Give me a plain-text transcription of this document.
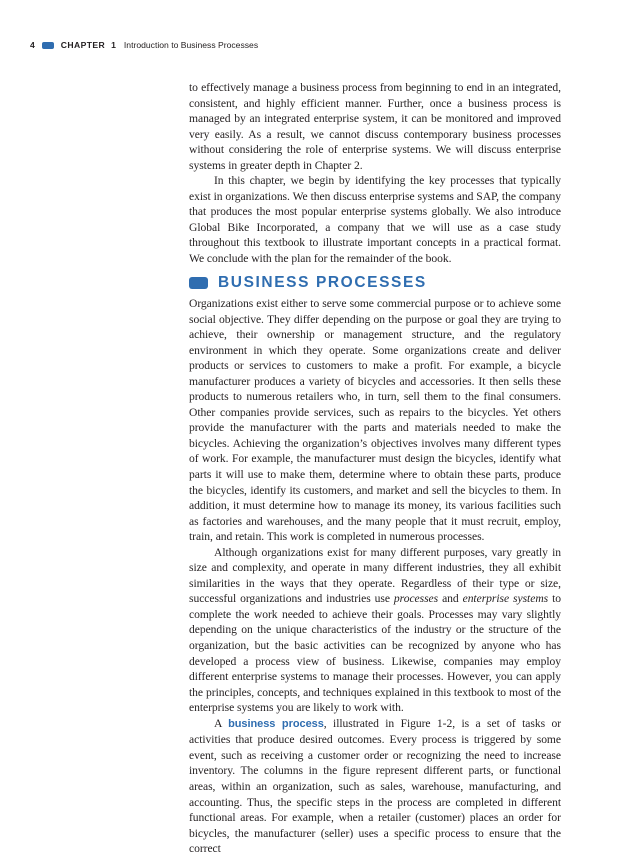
4	CHAPTER 1 Introduction to Business Processes

to effectively manage a business process from beginning to end in an integrated, consistent, and highly efficient manner. Further, once a business process is managed by an integrated enterprise system, it can be monitored and improved very easily. As a result, we cannot discuss contemporary business processes without considering the role of enterprise systems. We will discuss enterprise systems in greater depth in Chapter 2.

In this chapter, we begin by identifying the key processes that typically exist in organizations. We then discuss enterprise systems and SAP, the company that produces the most popular enterprise systems globally. We also introduce Global Bike Incorporated, a company that we will use as a case study throughout this textbook to illustrate important concepts in a practical format. We conclude with the plan for the remainder of the book.

BUSINESS PROCESSES

Organizations exist either to serve some commercial purpose or to achieve some social objective. They differ depending on the purpose or goal they are trying to achieve, their ownership or management structure, and the regulatory environment in which they operate. Some organizations create and deliver products or services to customers to make a profit. For example, a bicycle manufacturer produces a variety of bicycles and accessories. It then sells these products to numerous retailers who, in turn, sell them to the final consumers. Other companies provide services, such as repairs to the bicycles. Yet others provide the manufacturer with the parts and materials needed to make the bicycles. Achieving the organization’s objectives involves many different types of work. For example, the manufacturer must design the bicycles, identify what parts it will use to make them, determine where to obtain these parts, produce the bicycles, identify its customers, and market and sell the bicycles to them. In addition, it must determine how to manage its money, its various facilities such as factories and warehouses, and the many people that it must recruit, employ, train, and retain. This work is completed in numerous processes.

Although organizations exist for many different purposes, vary greatly in size and complexity, and operate in many different industries, they all exhibit similarities in the ways that they operate. Regardless of their type or size, successful organizations and industries use processes and enterprise systems to complete the work needed to achieve their goals. Processes may vary slightly depending on the unique characteristics of the industry or the structure of the organization, but the basic activities can be recognized by anyone who has developed a process view of business. Likewise, companies may employ different enterprise systems to manage their processes. However, you can apply the principles, concepts, and techniques explained in this textbook to most of the enterprise systems you are likely to work with.

A business process, illustrated in Figure 1-2, is a set of tasks or activities that produce desired outcomes. Every process is triggered by some event, such as receiving a customer order or recognizing the need to increase inventory. The columns in the figure represent different parts, or functional areas, within an organization, such as sales, warehouse, manufacturing, and accounting. Thus, the specific steps in the process are completed in different functional areas. For example, when a retailer (customer) places an order for bicycles, the manufacturer (seller) uses a specific process to ensure that the correct
